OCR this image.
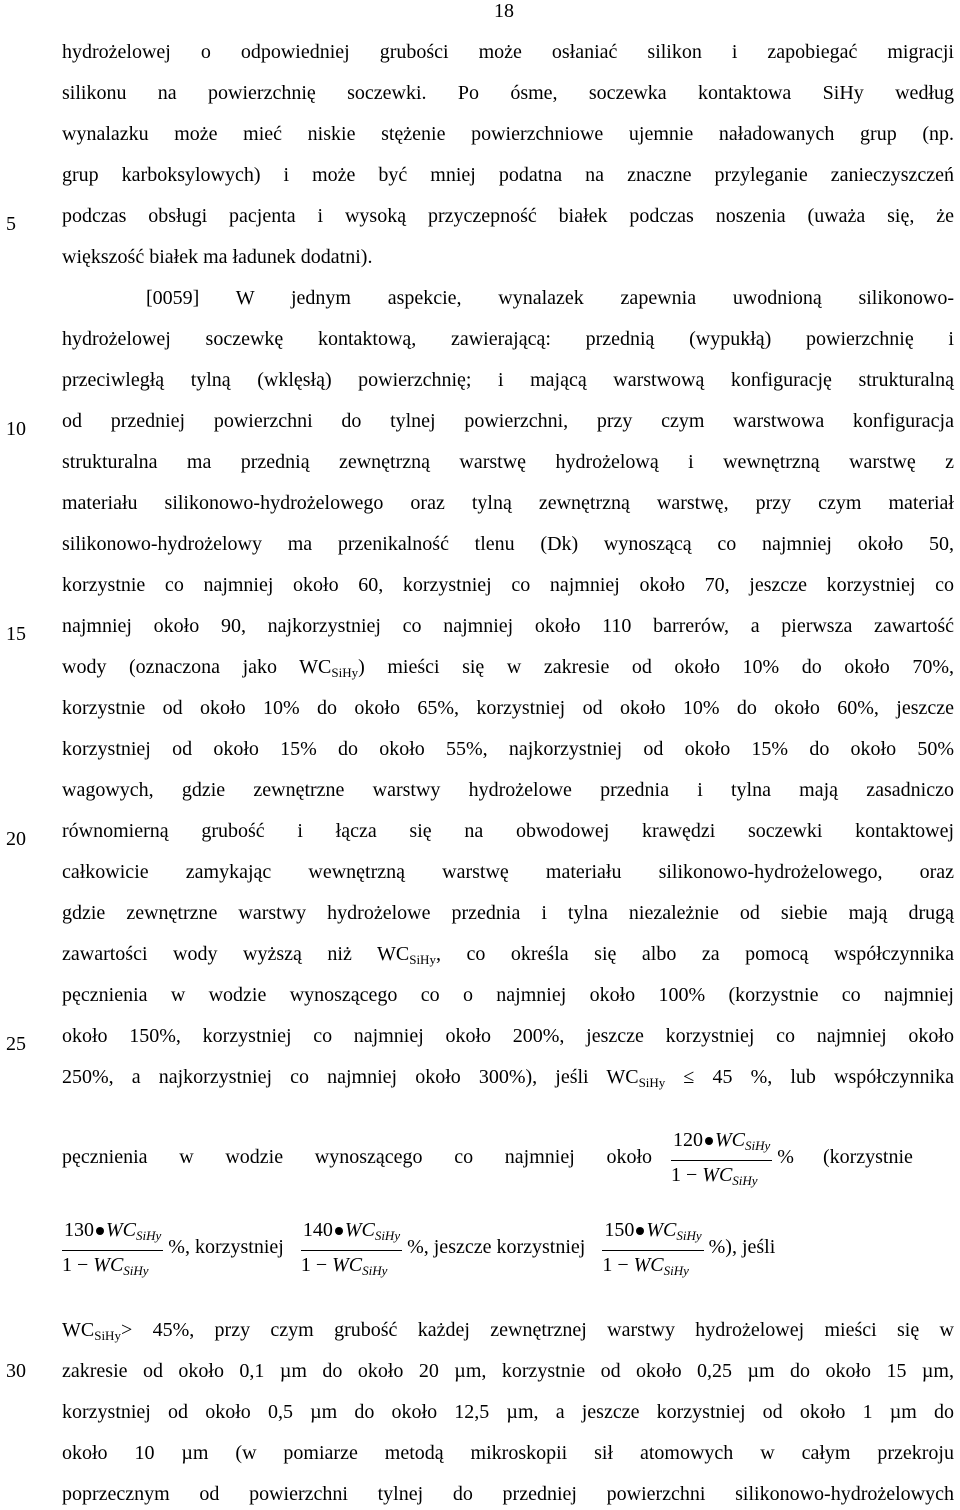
18
5
10
15
20
25
30
hydrożelowej o odpowiedniej grubości może osłaniać silikon i zapobiegać migracji
silikonu na powierzchnię soczewki. Po ósme, soczewka kontaktowa SiHy według
wynalazku może mieć niskie stężenie powierzchniowe ujemnie naładowanych grup (np.
grup karboksylowych) i może być mniej podatna na znaczne przyleganie zanieczyszczeń
podczas obsługi pacjenta i wysoką przyczepność białek podczas noszenia (uważa się, że
większość białek ma ładunek dodatni).
[0059] W jednym aspekcie, wynalazek zapewnia uwodnioną silikonowo-
hydrożelowej soczewkę kontaktową, zawierającą: przednią (wypukłą) powierzchnię i
przeciwległą tylną (wklęsłą) powierzchnię; i mającą warstwową konfigurację strukturalną
od przedniej powierzchni do tylnej powierzchni, przy czym warstwowa konfiguracja
strukturalna ma przednią zewnętrzną warstwę hydrożelową i wewnętrzną warstwę z
materiału silikonowo-hydrożelowego oraz tylną zewnętrzną warstwę, przy czym materiał
silikonowo-hydrożelowy ma przenikalność tlenu (Dk) wynoszącą co najmniej około 50,
korzystnie co najmniej około 60, korzystniej co najmniej około 70, jeszcze korzystniej co
najmniej około 90, najkorzystniej co najmniej około 110 barrerów, a pierwsza zawartość
wody (oznaczona jako $WC_{SiHy}$) mieści się w zakresie od około 10% do około 70%,
korzystnie od około 10% do około 65%, korzystniej od około 10% do około 60%, jeszcze
korzystniej od około 15% do około 55%, najkorzystniej od około 15% do około 50%
wagowych, gdzie zewnętrzne warstwy hydrożelowe przednia i tylna mają zasadniczo
równomierną grubość i łącza się na obwodowej krawędzi soczewki kontaktowej
całkowicie zamykając wewnętrzną warstwę materiału silikonowo-hydrożelowego, oraz
gdzie zewnętrzne warstwy hydrożelowe przednia i tylna niezależnie od siebie mają drugą
zawartości wody wyższą niż $WC_{SiHy}$, co określa się albo za pomocą współczynnika
pęcznienia w wodzie wynoszącego co o najmniej około 100% (korzystnie co najmniej
około 150%, korzystniej co najmniej około 200%, jeszcze korzystniej co najmniej około
250%, a najkorzystniej co najmniej około 300%), jeśli $WC_{SiHy} \le 45$ %, lub współczynnika
pęcznienia w wodzie wynoszącego co najmniej około $\frac{120 WC_{SiHy}}{1 - WC_{SiHy}}$ % (korzystnie
$\frac{130 WC_{SiHy}}{1 - WC_{SiHy}}$ %, korzystniej $\frac{140 WC_{SiHy}}{1 - WC_{SiHy}}$ %, jeszcze korzystniej $\frac{150 WC_{SiHy}}{1 - WC_{SiHy}}$ %), jeśli
$WC_{SiHy}> 45\%$, przy czym grubość każdej zewnętrznej warstwy hydrożelowej mieści się w
zakresie od około 0,1 µm do około 20 µm, korzystnie od około 0,25 µm do około 15 µm,
korzystniej od około 0,5 µm do około 12,5 µm, a jeszcze korzystniej od około 1 µm do
około 10 µm (w pomiarze metodą mikroskopii sił atomowych w całym przekroju
poprzecznym od powierzchni tylnej do przedniej powierzchni silikonowo-hydrożelowych
